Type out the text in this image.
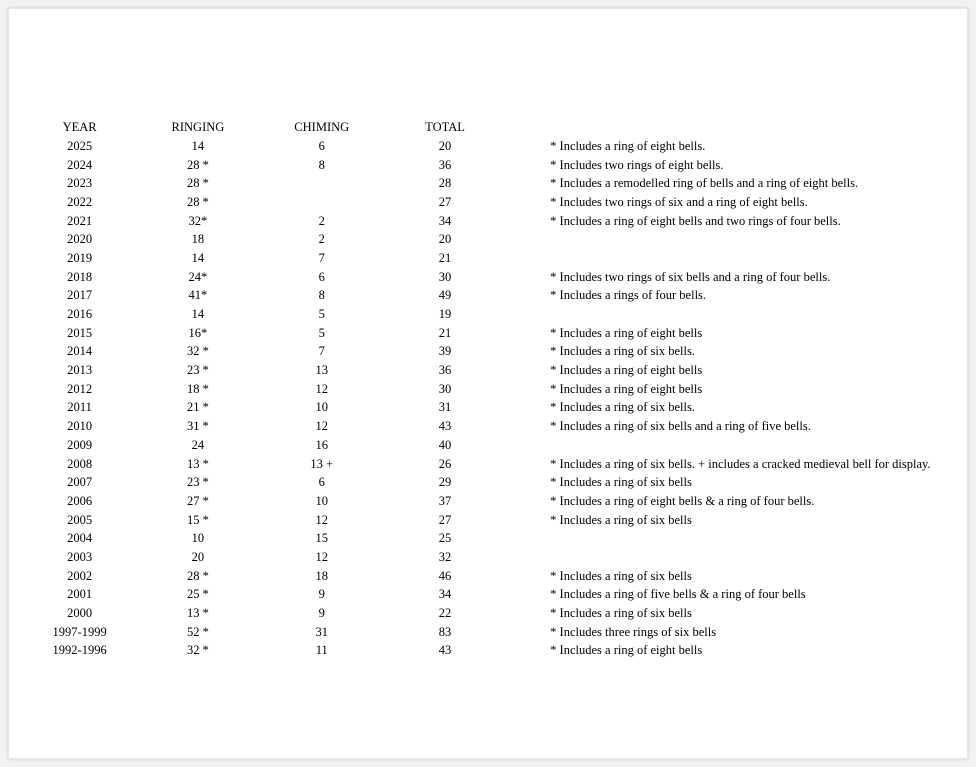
YEAR	RINGING	CHIMING	TOTAL	
2025	14	6	20	* Includes a ring of eight bells.
2024	28 *	8	36	* Includes two rings of eight bells.
2023	28 *		28	* Includes a remodelled ring of bells and a ring of eight bells.
2022	28 *		27	* Includes two rings of six and a ring of eight bells.
2021	32*	2	34	* Includes a ring of eight bells and two rings of four bells.
2020	18	2	20	
2019	14	7	21	
2018	24*	6	30	* Includes two rings of six bells and a ring of four bells.
2017	41*	8	49	* Includes a rings of four bells.
2016	14	5	19	
2015	16*	5	21	* Includes a ring of eight bells
2014	32 *	7	39	* Includes a ring of six bells.
2013	23 *	13	36	* Includes a ring of eight bells
2012	18 *	12	30	* Includes a ring of eight bells
2011	21 *	10	31	* Includes a ring of six bells.
2010	31 *	12	43	* Includes a ring of six bells and a ring of five bells.
2009	24	16	40	
2008	13 *	13 +	26	* Includes a ring of six bells. + includes a cracked medieval bell for display.
2007	23 *	6	29	* Includes a ring of six bells
2006	27 *	10	37	* Includes a ring of eight bells & a ring of four bells.
2005	15 *	12	27	* Includes a ring of six bells
2004	10	15	25	
2003	20	12	32	
2002	28 *	18	46	* Includes a ring of six bells
2001	25 *	9	34	* Includes a ring of five bells & a ring of four bells
2000	13 *	9	22	* Includes a ring of six bells
1997-1999	52 *	31	83	* Includes three rings of six bells
1992-1996	32 *	11	43	* Includes a ring of eight bells
